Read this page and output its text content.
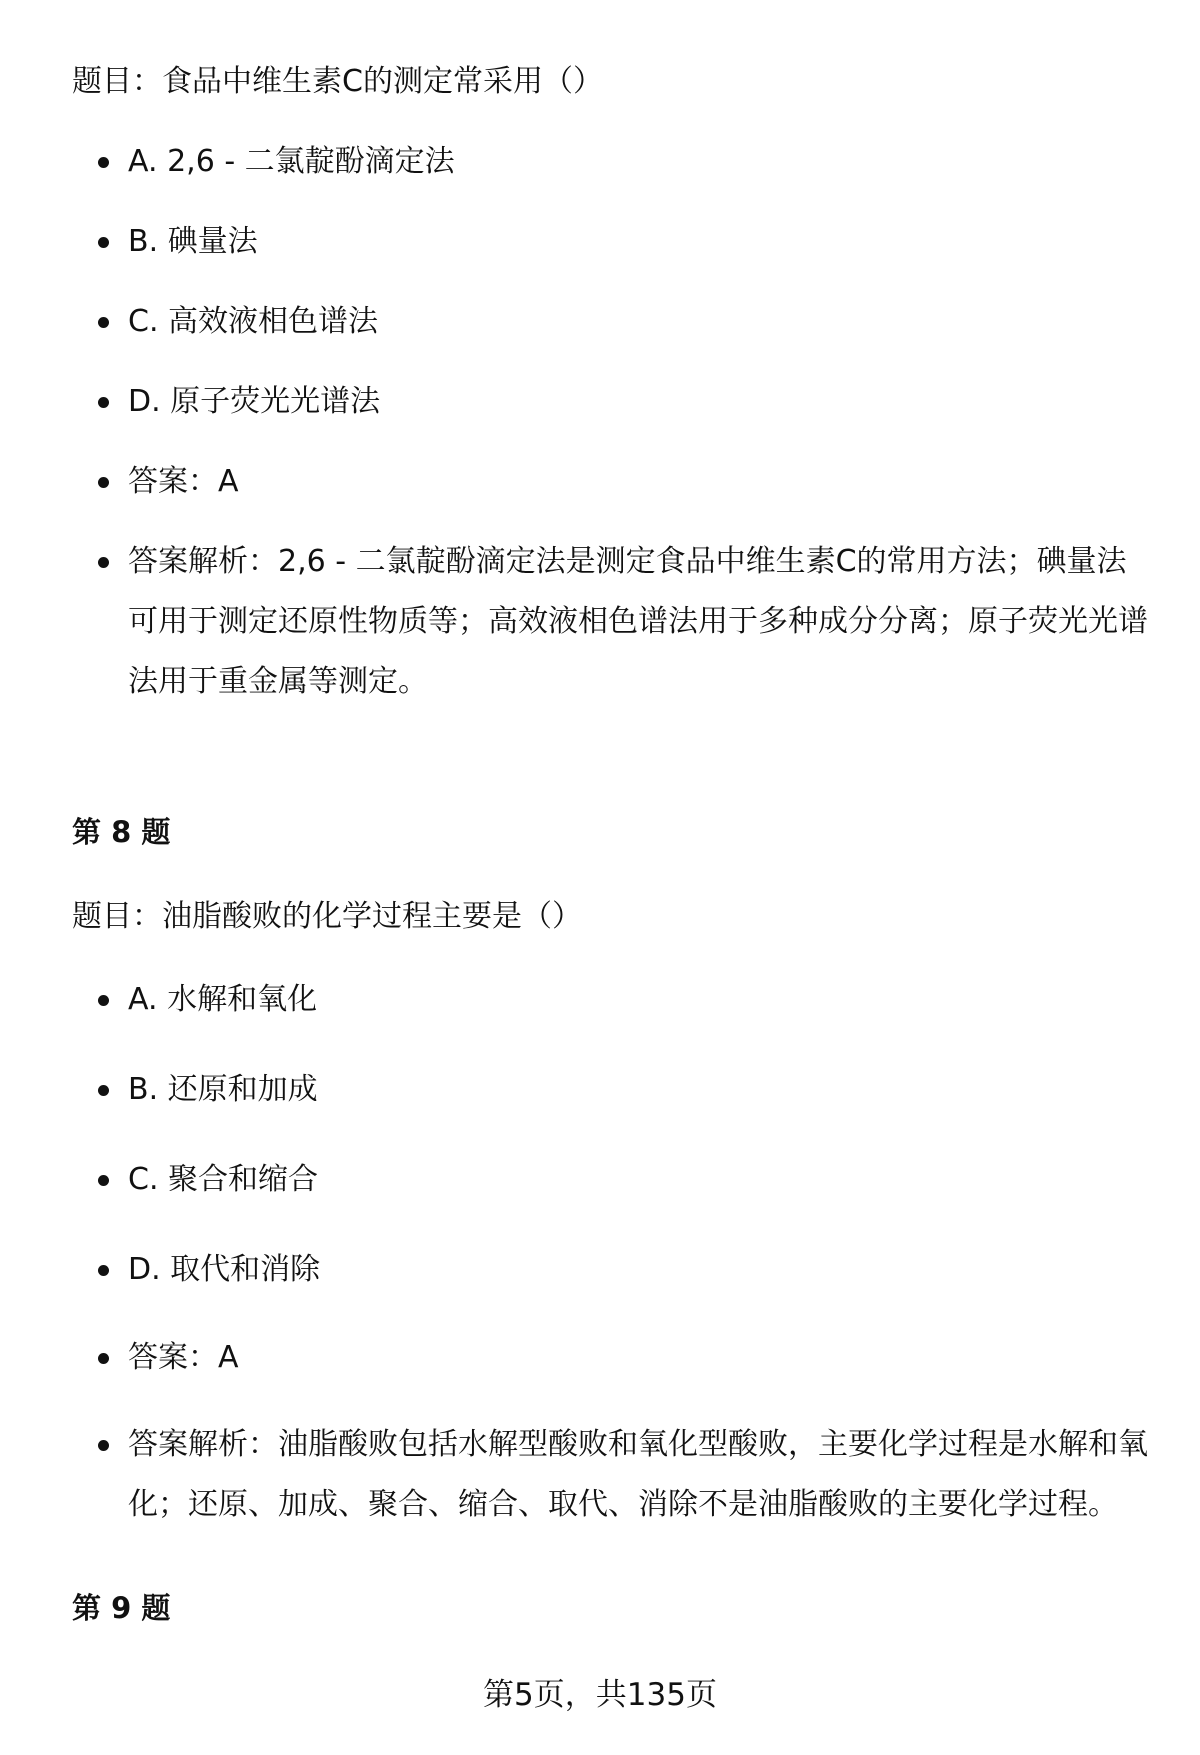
题目：食品中维生素C的测定常采用（）
A. 2,6 - 二氯靛酚滴定法
B. 碘量法
C. 高效液相色谱法
D. 原子荧光光谱法
答案：A
答案解析：2,6 - 二氯靛酚滴定法是测定食品中维生素C的常用方法；碘量法可用于测定还原性物质等；高效液相色谱法用于多种成分分离；原子荧光光谱法用于重金属等测定。
第 8 题
题目：油脂酸败的化学过程主要是（）
A. 水解和氧化
B. 还原和加成
C. 聚合和缩合
D. 取代和消除
答案：A
答案解析：油脂酸败包括水解型酸败和氧化型酸败，主要化学过程是水解和氧化；还原、加成、聚合、缩合、取代、消除不是油脂酸败的主要化学过程。
第 9 题
第5页，共135页
